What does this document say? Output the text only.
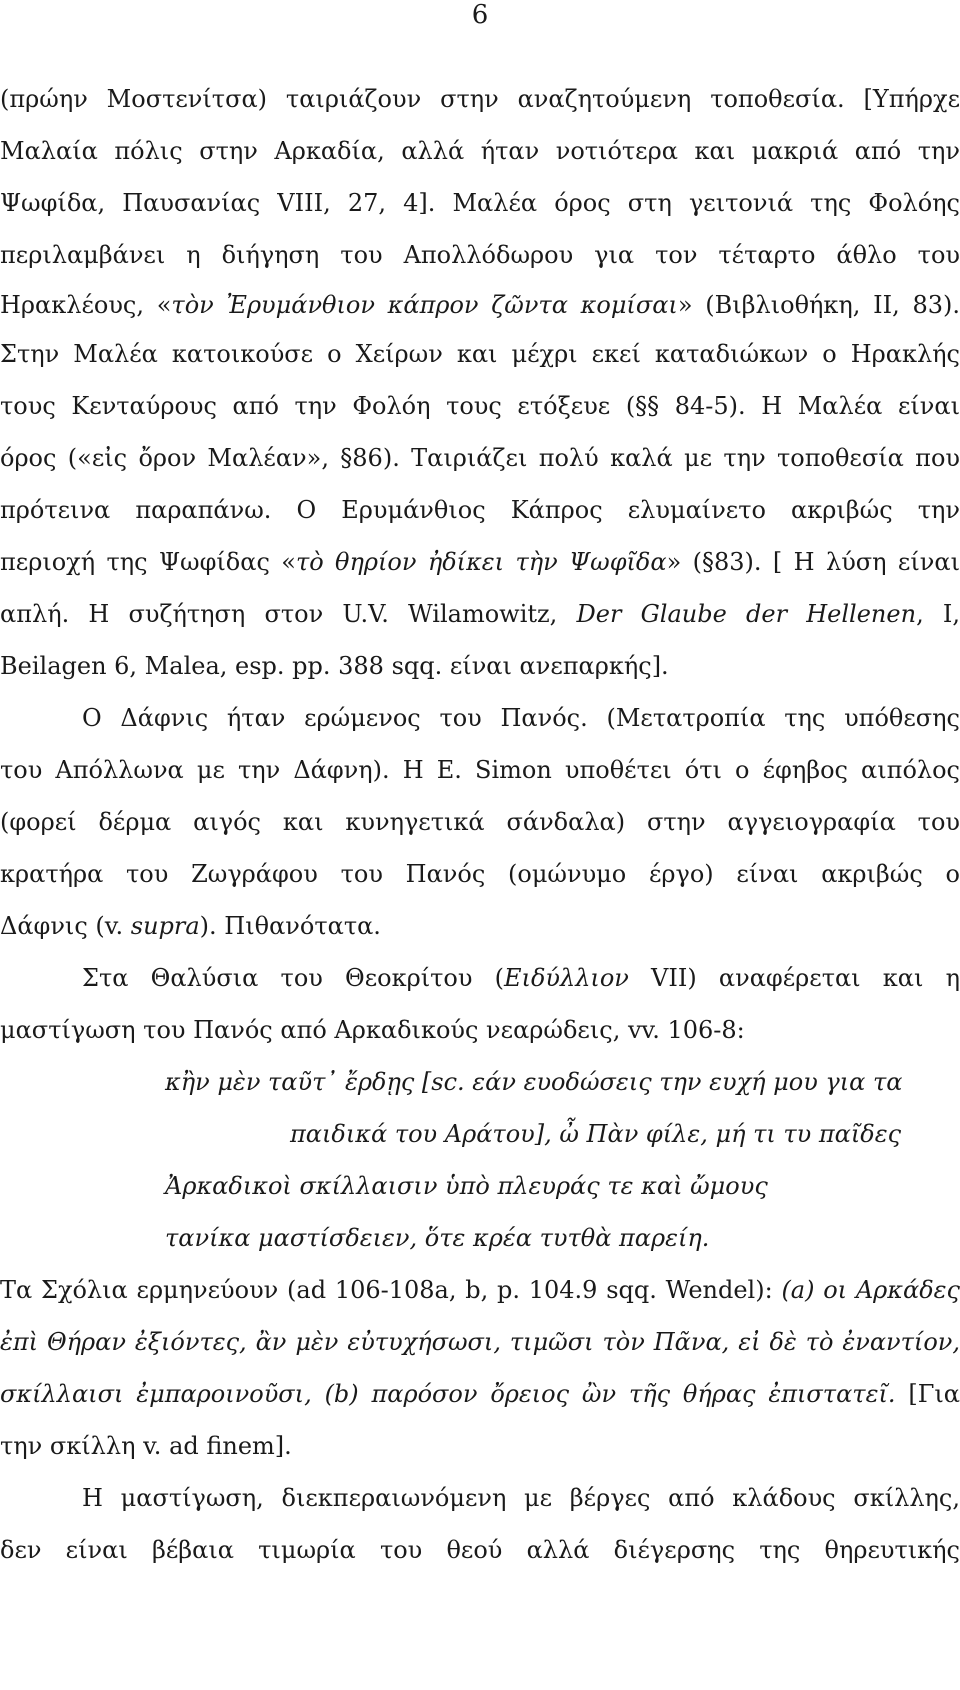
6
(πρώην Μοστενίτσα) ταιριάζουν στην αναζητούμενη τοποθεσία. [Υπήρχε
Μαλαία πόλις στην Αρκαδία, αλλά ήταν νοτιότερα και μακριά από την
Ψωφίδα, Παυσανίας VIII, 27, 4]. Μαλέα όρος στη γειτονιά της Φολόης
περιλαμβάνει η διήγηση του Απολλόδωρου για τον τέταρτο άθλο του
Ηρακλέους, «τὸν Ἐρυμάνθιον κάπρον ζῶντα κομίσαι» (Βιβλιοθήκη, ΙΙ, 83).
Στην Μαλέα κατοικούσε ο Χείρων και μέχρι εκεί καταδιώκων ο Ηρακλής
τους Κενταύρους από την Φολόη τους ετόξευε (§§ 84-5). Η Μαλέα είναι
όρος («εἰς ὄρον Μαλέαν», §86). Ταιριάζει πολύ καλά με την τοποθεσία που
πρότεινα παραπάνω. Ο Ερυμάνθιος Κάπρος ελυμαίνετο ακριβώς την
περιοχή της Ψωφίδας «τὸ θηρίον ἠδίκει τὴν Ψωφῖδα» (§83). [ Η λύση είναι
απλή. Η συζήτηση στον U.V. Wilamowitz, Der Glaube der Hellenen, I,
Beilagen 6, Malea, esp. pp. 388 sqq. είναι ανεπαρκής].
Ο Δάφνις ήταν ερώμενος του Πανός. (Μετατροπία της υπόθεσης
του Απόλλωνα με την Δάφνη). Η E. Simon υποθέτει ότι ο έφηβος αιπόλος
(φορεί δέρμα αιγός και κυνηγετικά σάνδαλα) στην αγγειογραφία του
κρατήρα του Ζωγράφου του Πανός (ομώνυμο έργο) είναι ακριβώς ο
Δάφνις (v. supra). Πιθανότατα.
Στα Θαλύσια του Θεοκρίτου (Ειδύλλιον VII) αναφέρεται και η
μαστίγωση του Πανός από Αρκαδικούς νεαρώδεις, vv. 106-8:
κἢν μὲν ταῦτ᾽ ἔρδῃς [sc. εάν ευοδώσεις την ευχή μου για τα
παιδικά του Αράτου], ὦ Πὰν φίλε, μή τι τυ παῖδες
Ἀρκαδικοὶ σκίλλαισιν ὑπὸ πλευράς τε καὶ ὤμους
τανίκα μαστίσδειεν, ὅτε κρέα τυτθὰ παρείη.
Τα Σχόλια ερμηνεύουν (ad 106-108a, b, p. 104.9 sqq. Wendel): (a) οι Αρκάδες
ἐπὶ Θήραν ἐξιόντες, ἂν μὲν εὐτυχήσωσι, τιμῶσι τὸν Πᾶνα, εἰ δὲ τὸ ἐναντίον,
σκίλλαισι ἐμπαροινοῦσι, (b) παρόσον ὄρειος ὢν τῆς θήρας ἐπιστατεῖ. [Για
την σκίλλη v. ad finem].
Η μαστίγωση, διεκπεραιωνόμενη με βέργες από κλάδους σκίλλης,
δεν είναι βέβαια τιμωρία του θεού αλλά διέγερσης της θηρευτικής
